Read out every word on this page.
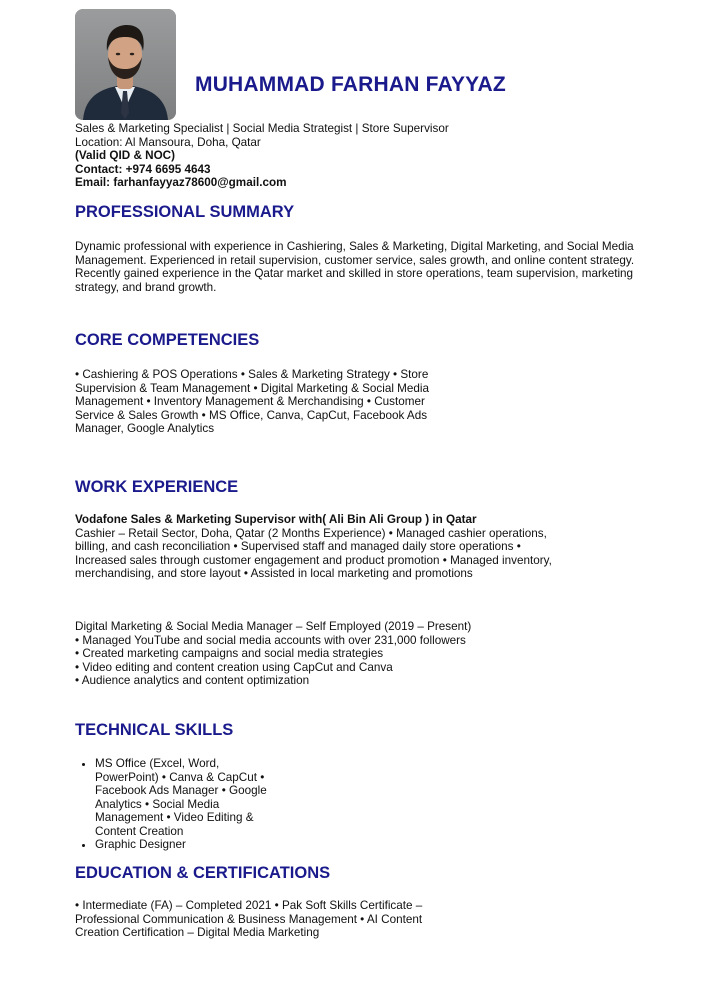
MUHAMMAD FARHAN FAYYAZ
Sales & Marketing Specialist | Social Media Strategist | Store Supervisor
Location: Al Mansoura, Doha, Qatar
(Valid QID & NOC)
Contact: +974 6695 4643
Email: farhanfayyaz78600@gmail.com
PROFESSIONAL SUMMARY

Dynamic professional with experience in Cashiering, Sales & Marketing, Digital Marketing, and Social Media Management. Experienced in retail supervision, customer service, sales growth, and online content strategy. Recently gained experience in the Qatar market and skilled in store operations, team supervision, marketing strategy, and brand growth.

CORE COMPETENCIES

• Cashiering & POS Operations • Sales & Marketing Strategy • Store Supervision & Team Management • Digital Marketing & Social Media Management • Inventory Management & Merchandising • Customer Service & Sales Growth • MS Office, Canva, CapCut, Facebook Ads Manager, Google Analytics

WORK EXPERIENCE
Vodafone Sales & Marketing Supervisor with( Ali Bin Ali Group ) in Qatar
Cashier – Retail Sector, Doha, Qatar (2 Months Experience) • Managed cashier operations, billing, and cash reconciliation • Supervised staff and managed daily store operations • Increased sales through customer engagement and product promotion • Managed inventory, merchandising, and store layout • Assisted in local marketing and promotions
Digital Marketing & Social Media Manager – Self Employed (2019 – Present)
• Managed YouTube and social media accounts with over 231,000 followers
• Created marketing campaigns and social media strategies
• Video editing and content creation using CapCut and Canva
• Audience analytics and content optimization
TECHNICAL SKILLS
• MS Office (Excel, Word, PowerPoint) • Canva & CapCut • Facebook Ads Manager • Google Analytics • Social Media Management • Video Editing & Content Creation
• Graphic Designer
EDUCATION & CERTIFICATIONS

• Intermediate (FA) – Completed 2021 • Pak Soft Skills Certificate – Professional Communication & Business Management • AI Content Creation Certification – Digital Media Marketing
